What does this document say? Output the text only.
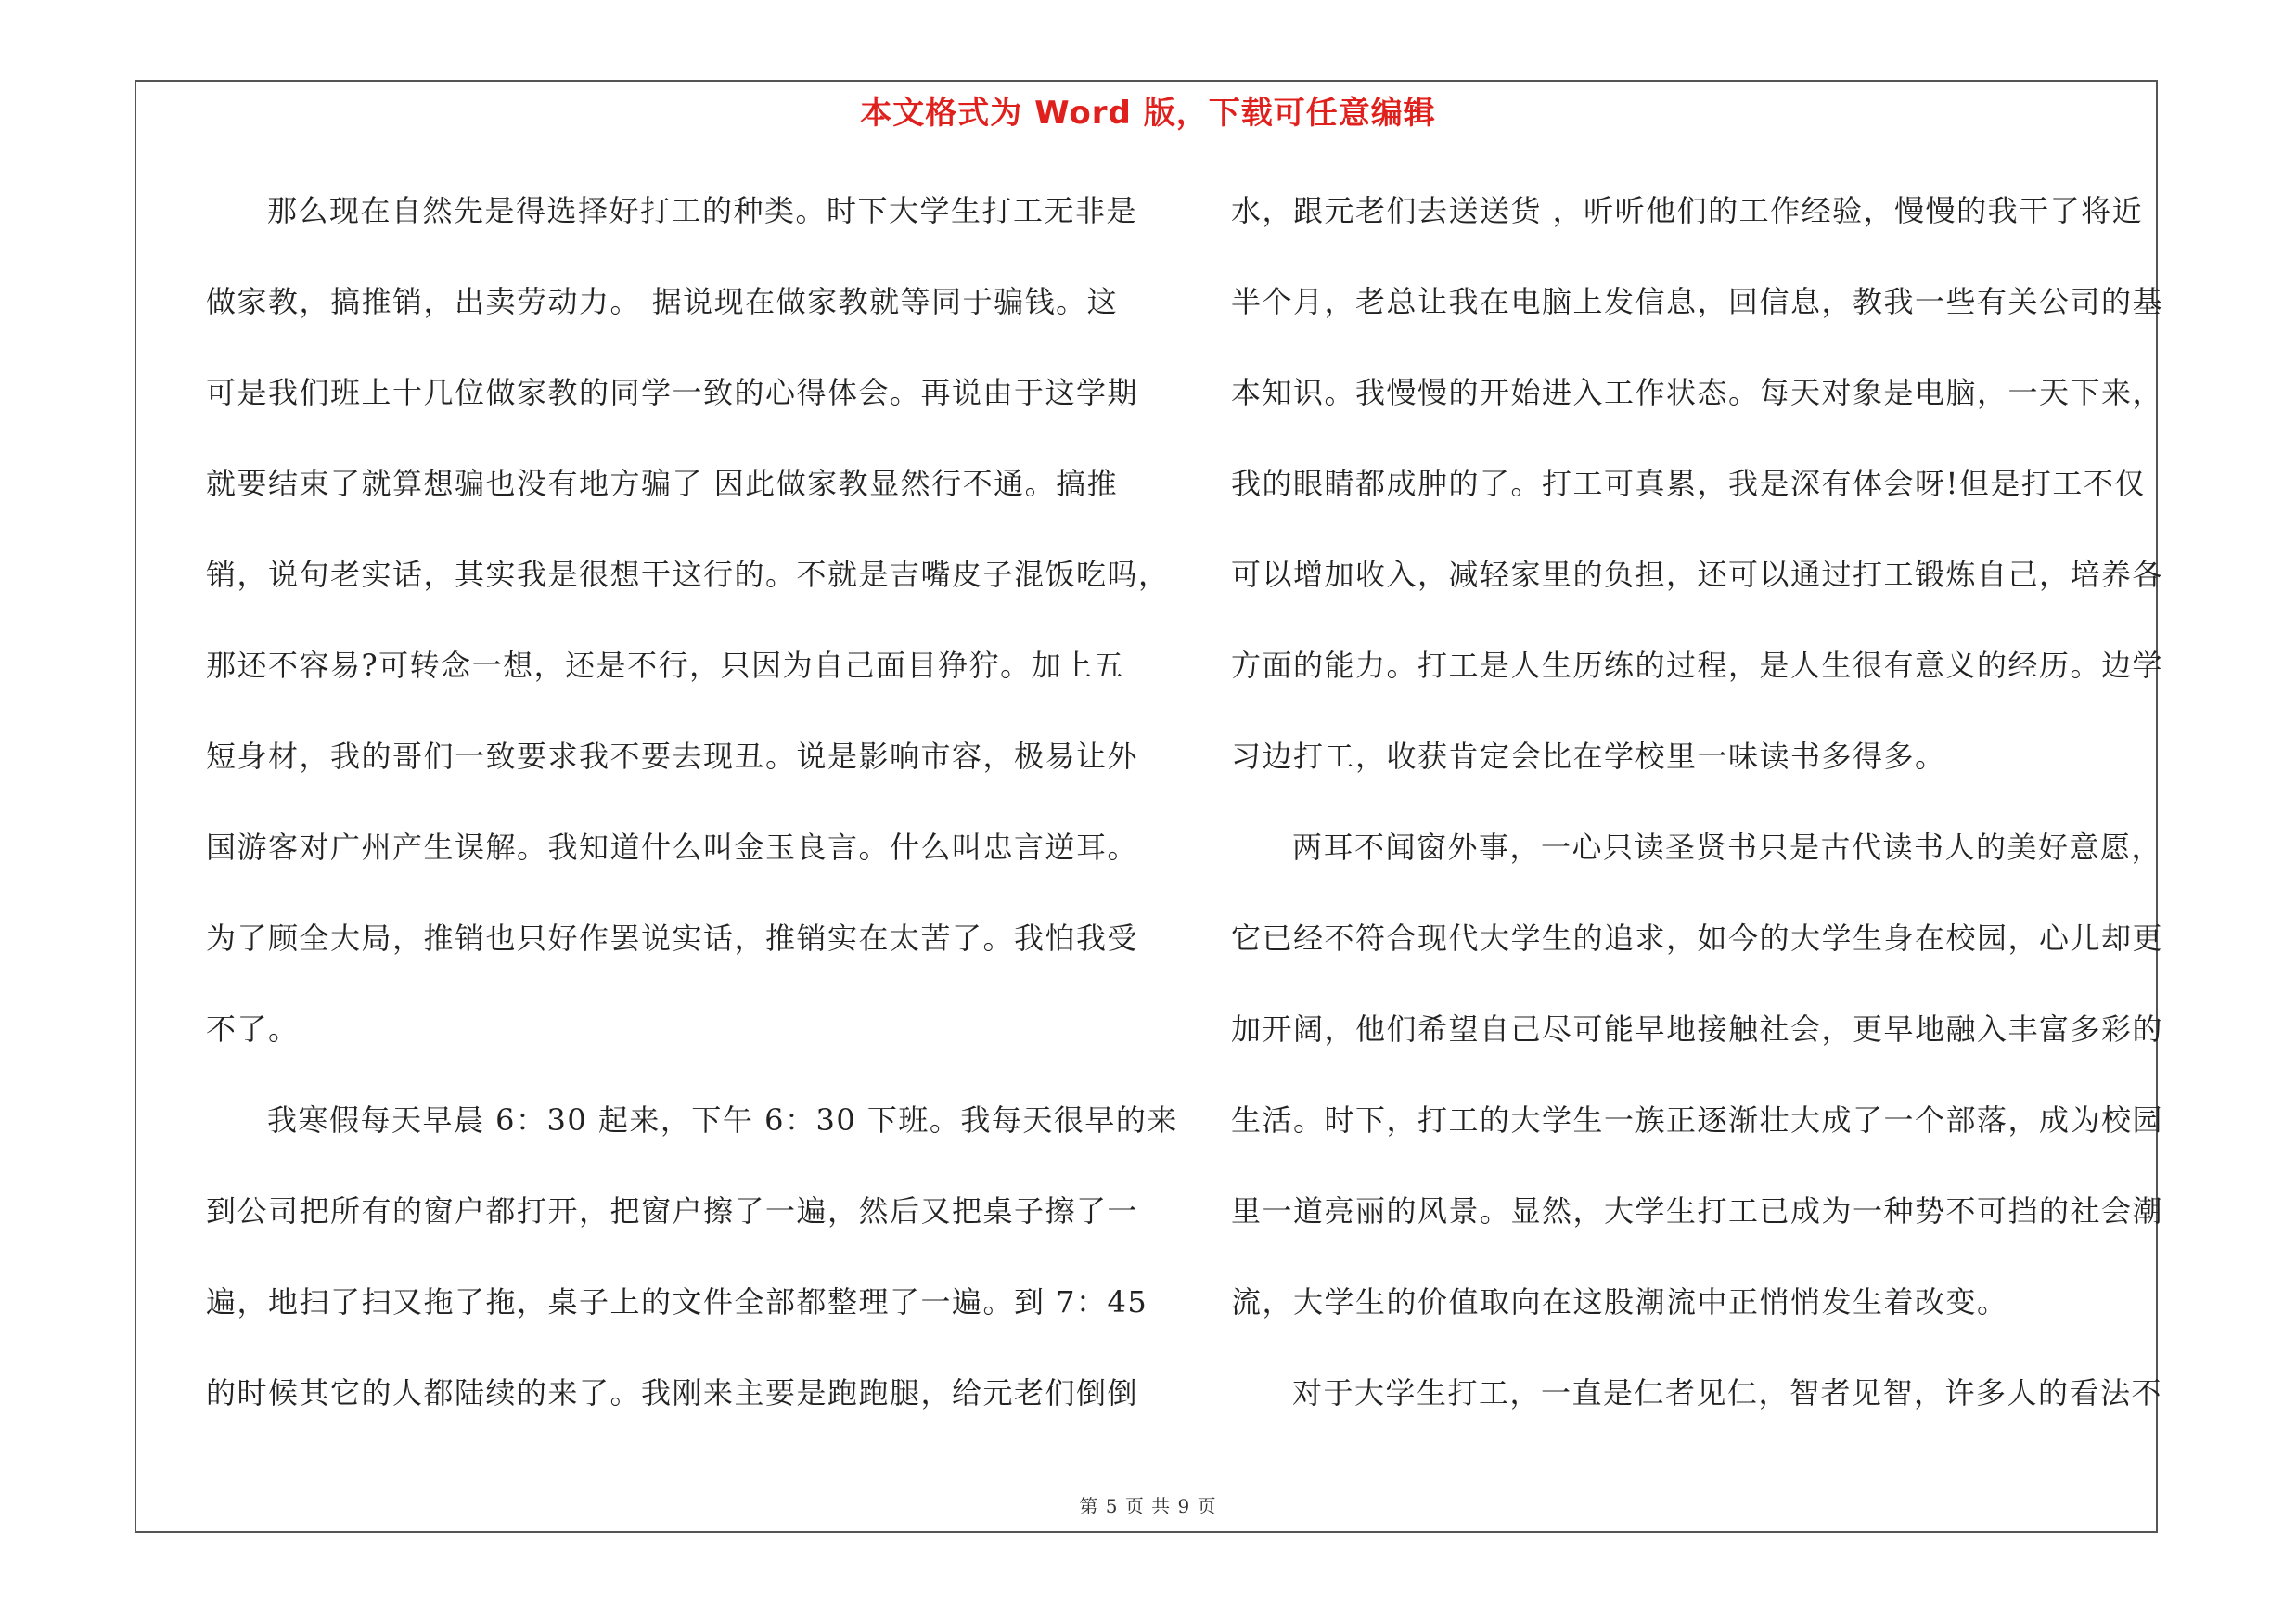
本文格式为 Word 版，下载可任意编辑
那么现在自然先是得选择好打工的种类。时下大学生打工无非是
做家教，搞推销，出卖劳动力。 据说现在做家教就等同于骗钱。这
可是我们班上十几位做家教的同学一致的心得体会。再说由于这学期
就要结束了就算想骗也没有地方骗了 因此做家教显然行不通。搞推
销，说句老实话，其实我是很想干这行的。不就是吉嘴皮子混饭吃吗，
那还不容易?可转念一想，还是不行，只因为自己面目狰狞。加上五
短身材，我的哥们一致要求我不要去现丑。说是影响市容，极易让外
国游客对广州产生误解。我知道什么叫金玉良言。什么叫忠言逆耳。
为了顾全大局，推销也只好作罢说实话，推销实在太苦了。我怕我受
不了。
我寒假每天早晨 6：30 起来，下午 6：30 下班。我每天很早的来
到公司把所有的窗户都打开，把窗户擦了一遍，然后又把桌子擦了一
遍，地扫了扫又拖了拖，桌子上的文件全部都整理了一遍。到 7：45
的时候其它的人都陆续的来了。我刚来主要是跑跑腿，给元老们倒倒
水，跟元老们去送送货 ，听听他们的工作经验，慢慢的我干了将近
半个月，老总让我在电脑上发信息，回信息，教我一些有关公司的基
本知识。我慢慢的开始进入工作状态。每天对象是电脑，一天下来，
我的眼睛都成肿的了。打工可真累，我是深有体会呀!但是打工不仅
可以增加收入，减轻家里的负担，还可以通过打工锻炼自己，培养各
方面的能力。打工是人生历练的过程，是人生很有意义的经历。边学
习边打工，收获肯定会比在学校里一味读书多得多。
两耳不闻窗外事，一心只读圣贤书只是古代读书人的美好意愿，
它已经不符合现代大学生的追求，如今的大学生身在校园，心儿却更
加开阔，他们希望自己尽可能早地接触社会，更早地融入丰富多彩的
生活。时下，打工的大学生一族正逐渐壮大成了一个部落，成为校园
里一道亮丽的风景。显然，大学生打工已成为一种势不可挡的社会潮
流，大学生的价值取向在这股潮流中正悄悄发生着改变。
对于大学生打工，一直是仁者见仁，智者见智，许多人的看法不
第 5 页 共 9 页
